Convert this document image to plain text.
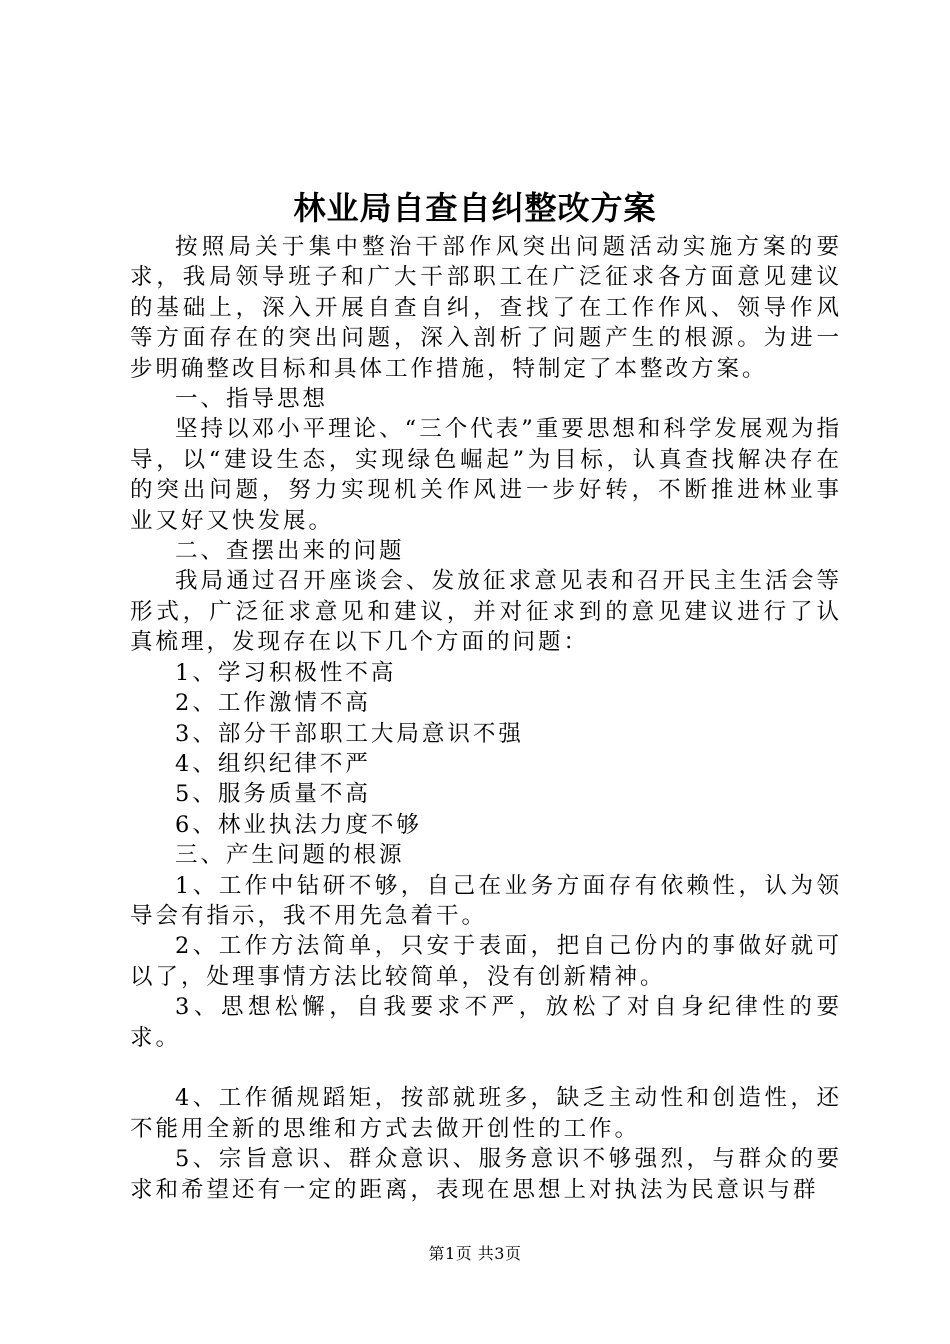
林业局自查自纠整改方案

按照局关于集中整治干部作风突出问题活动实施方案的要求，我局领导班子和广大干部职工在广泛征求各方面意见建议的基础上，深入开展自查自纠，查找了在工作作风、领导作风等方面存在的突出问题，深入剖析了问题产生的根源。为进一步明确整改目标和具体工作措施，特制定了本整改方案。

一、指导思想

坚持以邓小平理论、“三个代表”重要思想和科学发展观为指导，以“建设生态，实现绿色崛起”为目标，认真查找解决存在的突出问题，努力实现机关作风进一步好转，不断推进林业事业又好又快发展。

二、查摆出来的问题

我局通过召开座谈会、发放征求意见表和召开民主生活会等形式，广泛征求意见和建议，并对征求到的意见建议进行了认真梳理，发现存在以下几个方面的问题：

1、学习积极性不高

2、工作激情不高

3、部分干部职工大局意识不强

4、组织纪律不严

5、服务质量不高

6、林业执法力度不够

三、产生问题的根源

1、工作中钻研不够，自己在业务方面存有依赖性，认为领导会有指示，我不用先急着干。

2、工作方法简单，只安于表面，把自己份内的事做好就可以了，处理事情方法比较简单，没有创新精神。

3、思想松懈，自我要求不严，放松了对自身纪律性的要求。

4、工作循规蹈矩，按部就班多，缺乏主动性和创造性，还不能用全新的思维和方式去做开创性的工作。

5、宗旨意识、群众意识、服务意识不够强烈，与群众的要求和希望还有一定的距离，表现在思想上对执法为民意识与群

第1页 共3页
